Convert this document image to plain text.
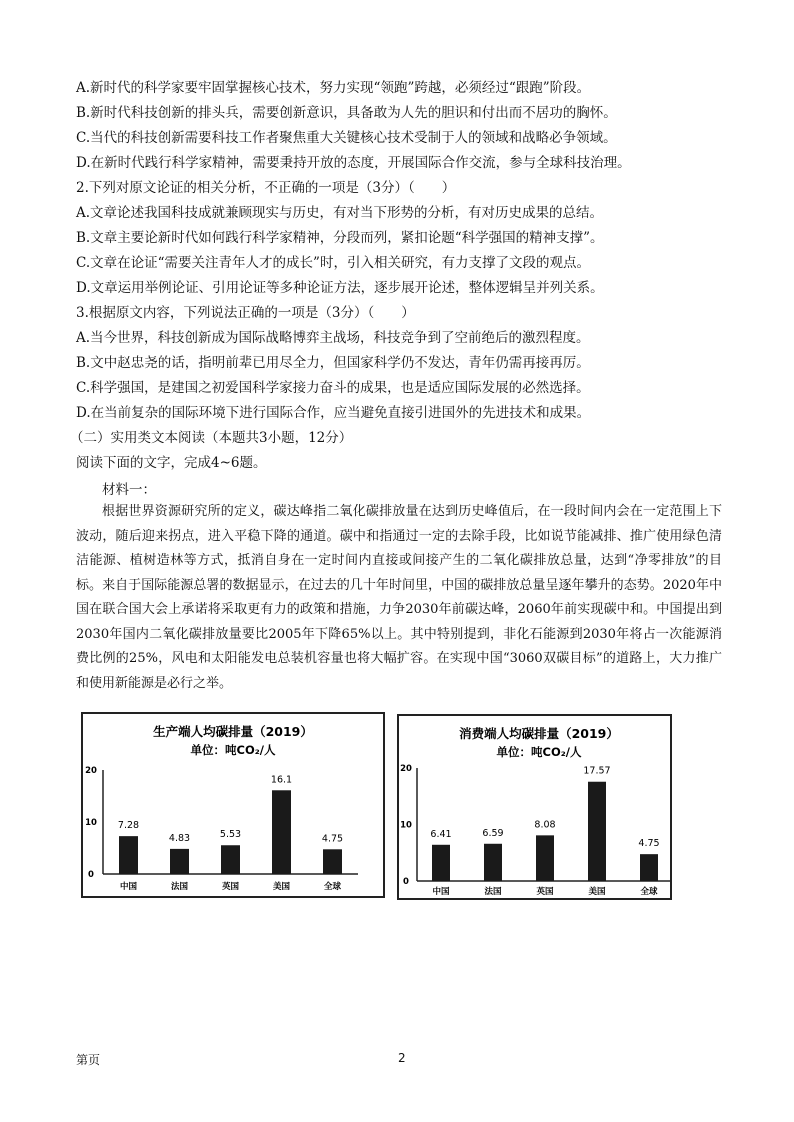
A.新时代的科学家要牢固掌握核心技术，努力实现“领跑”跨越，必须经过“跟跑”阶段。
B.新时代科技创新的排头兵，需要创新意识，具备敢为人先的胆识和付出而不居功的胸怀。
C.当代的科技创新需要科技工作者聚焦重大关键核心技术受制于人的领域和战略必争领域。
D.在新时代践行科学家精神，需要秉持开放的态度，开展国际合作交流，参与全球科技治理。
2.下列对原文论证的相关分析，不正确的一项是（3分）（　　）
A.文章论述我国科技成就兼顾现实与历史，有对当下形势的分析，有对历史成果的总结。
B.文章主要论新时代如何践行科学家精神，分段而列，紧扣论题“科学强国的精神支撑”。
C.文章在论证“需要关注青年人才的成长”时，引入相关研究，有力支撑了文段的观点。
D.文章运用举例论证、引用论证等多种论证方法，逐步展开论述，整体逻辑呈并列关系。
3.根据原文内容，下列说法正确的一项是（3分）（　　）
A.当今世界，科技创新成为国际战略博弈主战场，科技竞争到了空前绝后的激烈程度。
B.文中赵忠尧的话，指明前辈已用尽全力，但国家科学仍不发达，青年仍需再接再厉。
C.科学强国，是建国之初爱国科学家接力奋斗的成果，也是适应国际发展的必然选择。
D.在当前复杂的国际环境下进行国际合作，应当避免直接引进国外的先进技术和成果。
（二）实用类文本阅读（本题共3小题，12分）
阅读下面的文字，完成4~6题。
材料一：
根据世界资源研究所的定义，碳达峰指二氧化碳排放量在达到历史峰值后，在一段时间内会在一定范围上下波动，随后迎来拐点，进入平稳下降的通道。碳中和指通过一定的去除手段，比如说节能减排、推广使用绿色清洁能源、植树造林等方式，抵消自身在一定时间内直接或间接产生的二氧化碳排放总量，达到“净零排放”的目标。来自于国际能源总署的数据显示，在过去的几十年时间里，中国的碳排放总量呈逐年攀升的态势。2020年中国在联合国大会上承诺将采取更有力的政策和措施，力争2030年前碳达峰，2060年前实现碳中和。中国提出到2030年国内二氧化碳排放量要比2005年下降65%以上。其中特别提到，非化石能源到2030年将占一次能源消费比例的25%，风电和太阳能发电总装机容量也将大幅扩容。在实现中国“3060双碳目标”的道路上，大力推广和使用新能源是必行之举。
生产端人均碳排量（2019）
单位：吨CO₂/人
0
10
20
7.28
中国
4.83
法国
5.53
英国
16.1
美国
4.75
全球
消费端人均碳排量（2019）
单位：吨CO₂/人
0
10
20
6.41
中国
6.59
法国
8.08
英国
17.57
美国
4.75
全球
第页	2
